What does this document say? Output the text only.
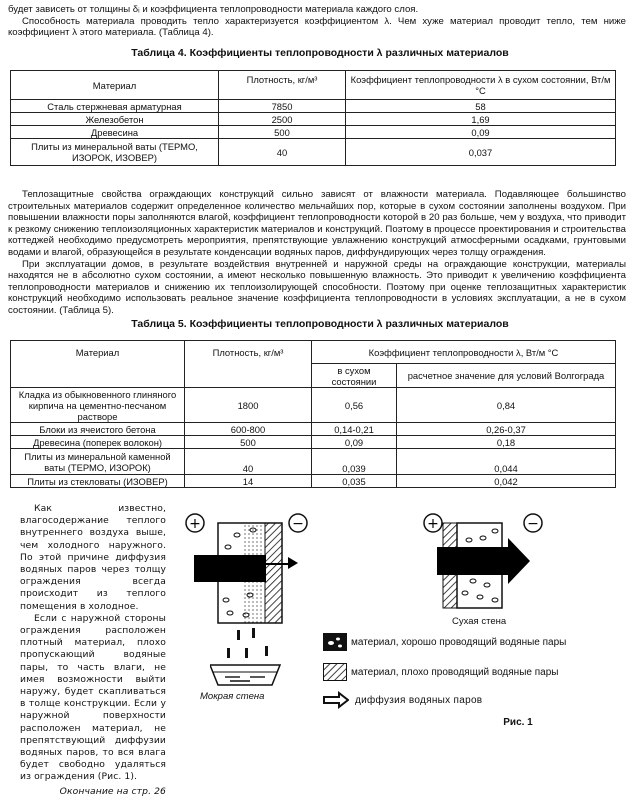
будет зависеть от толщины δᵢ и коэффициента теплопроводности материала каждого слоя.

Способность материала проводить тепло характеризуется коэффициентом λ. Чем хуже материал проводит тепло, тем ниже коэффициент λ этого материала. (Таблица 4).

Таблица 4. Коэффициенты теплопроводности λ различных материалов
Материал	Плотность, кг/м³	Коэффициент теплопроводности λ в сухом состоянии, Вт/м °С
Сталь стержневая арматурная	7850	58
Железобетон	2500	1,69
Древесина	500	0,09
Плиты из минеральной ваты (ТЕРМО, ИЗОРОК, ИЗОВЕР)	40	0,037

Теплозащитные свойства ограждающих конструкций сильно зависят от влажности материала. Подавляющее большинство строительных материалов содержит определенное количество мельчайших пор, которые в сухом состоянии заполнены воздухом. При повышении влажности поры заполняются влагой, коэффициент теплопроводности которой в 20 раз больше, чем у воздуха, что приводит к резкому снижению теплоизоляционных характеристик материалов и конструкций. Поэтому в процессе проектирования и строительства коттеджей необходимо предусмотреть мероприятия, препятствующие увлажнению конструкций атмосферными осадками, грунтовыми водами и влагой, образующейся в результате конденсации водяных паров, диффундирующих через толщу ограждения.

При эксплуатации домов, в результате воздействия внутренней и наружной среды на ограждающие конструкции, материалы находятся не в абсолютно сухом состоянии, а имеют несколько повышенную влажность. Это приводит к увеличению коэффициента теплопроводности материалов и снижению их теплоизолирующей способности. Поэтому при оценке теплозащитных характеристик конструкций необходимо использовать реальное значение коэффициента теплопроводности в условиях эксплуатации, а не в сухом состоянии. (Таблица 5).

Таблица 5. Коэффициенты теплопроводности λ различных материалов
Материал	Плотность, кг/м³	Коэффициент теплопроводности λ, Вт/м °С	
		в сухом состоянии	расчетное значение для условий Волгограда
Кладка из обыкновенного глиняного кирпича на цементно-песчаном растворе	1800	0,56	0,84
Блоки из ячеистого бетона	600-800	0,14-0,21	0,26-0,37
Древесина (поперек волокон)	500	0,09	0,18
Плиты из минеральной каменной ваты (ТЕРМО, ИЗОРОК)	40	0,039	0,044
Плиты из стекловаты (ИЗОВЕР)	14	0,035	0,042
Как известно, влагосодержание теплого внутреннего воздуха выше, чем холодного наружного. По этой причине диффузия водяных паров через толщу ограждения всегда происходит из теплого помещения в холодное.
Если с наружной стороны ограждения расположен плотный материал, плохо пропускающий водяные пары, то часть влаги, не имея возможности выйти наружу, будет скапливаться в толще конструкции. Если у наружной поверхности расположен материал, не препятствующий диффузии водяных паров, то вся влага будет свободно удаляться из ограждения (Рис. 1).
Окончание на стр. 26
+	−
Мокрая стена
+	−
Сухая стена
материал, хорошо проводящий водяные пары
материал, плохо проводящий водяные пары
диффузия водяных паров
Рис. 1
